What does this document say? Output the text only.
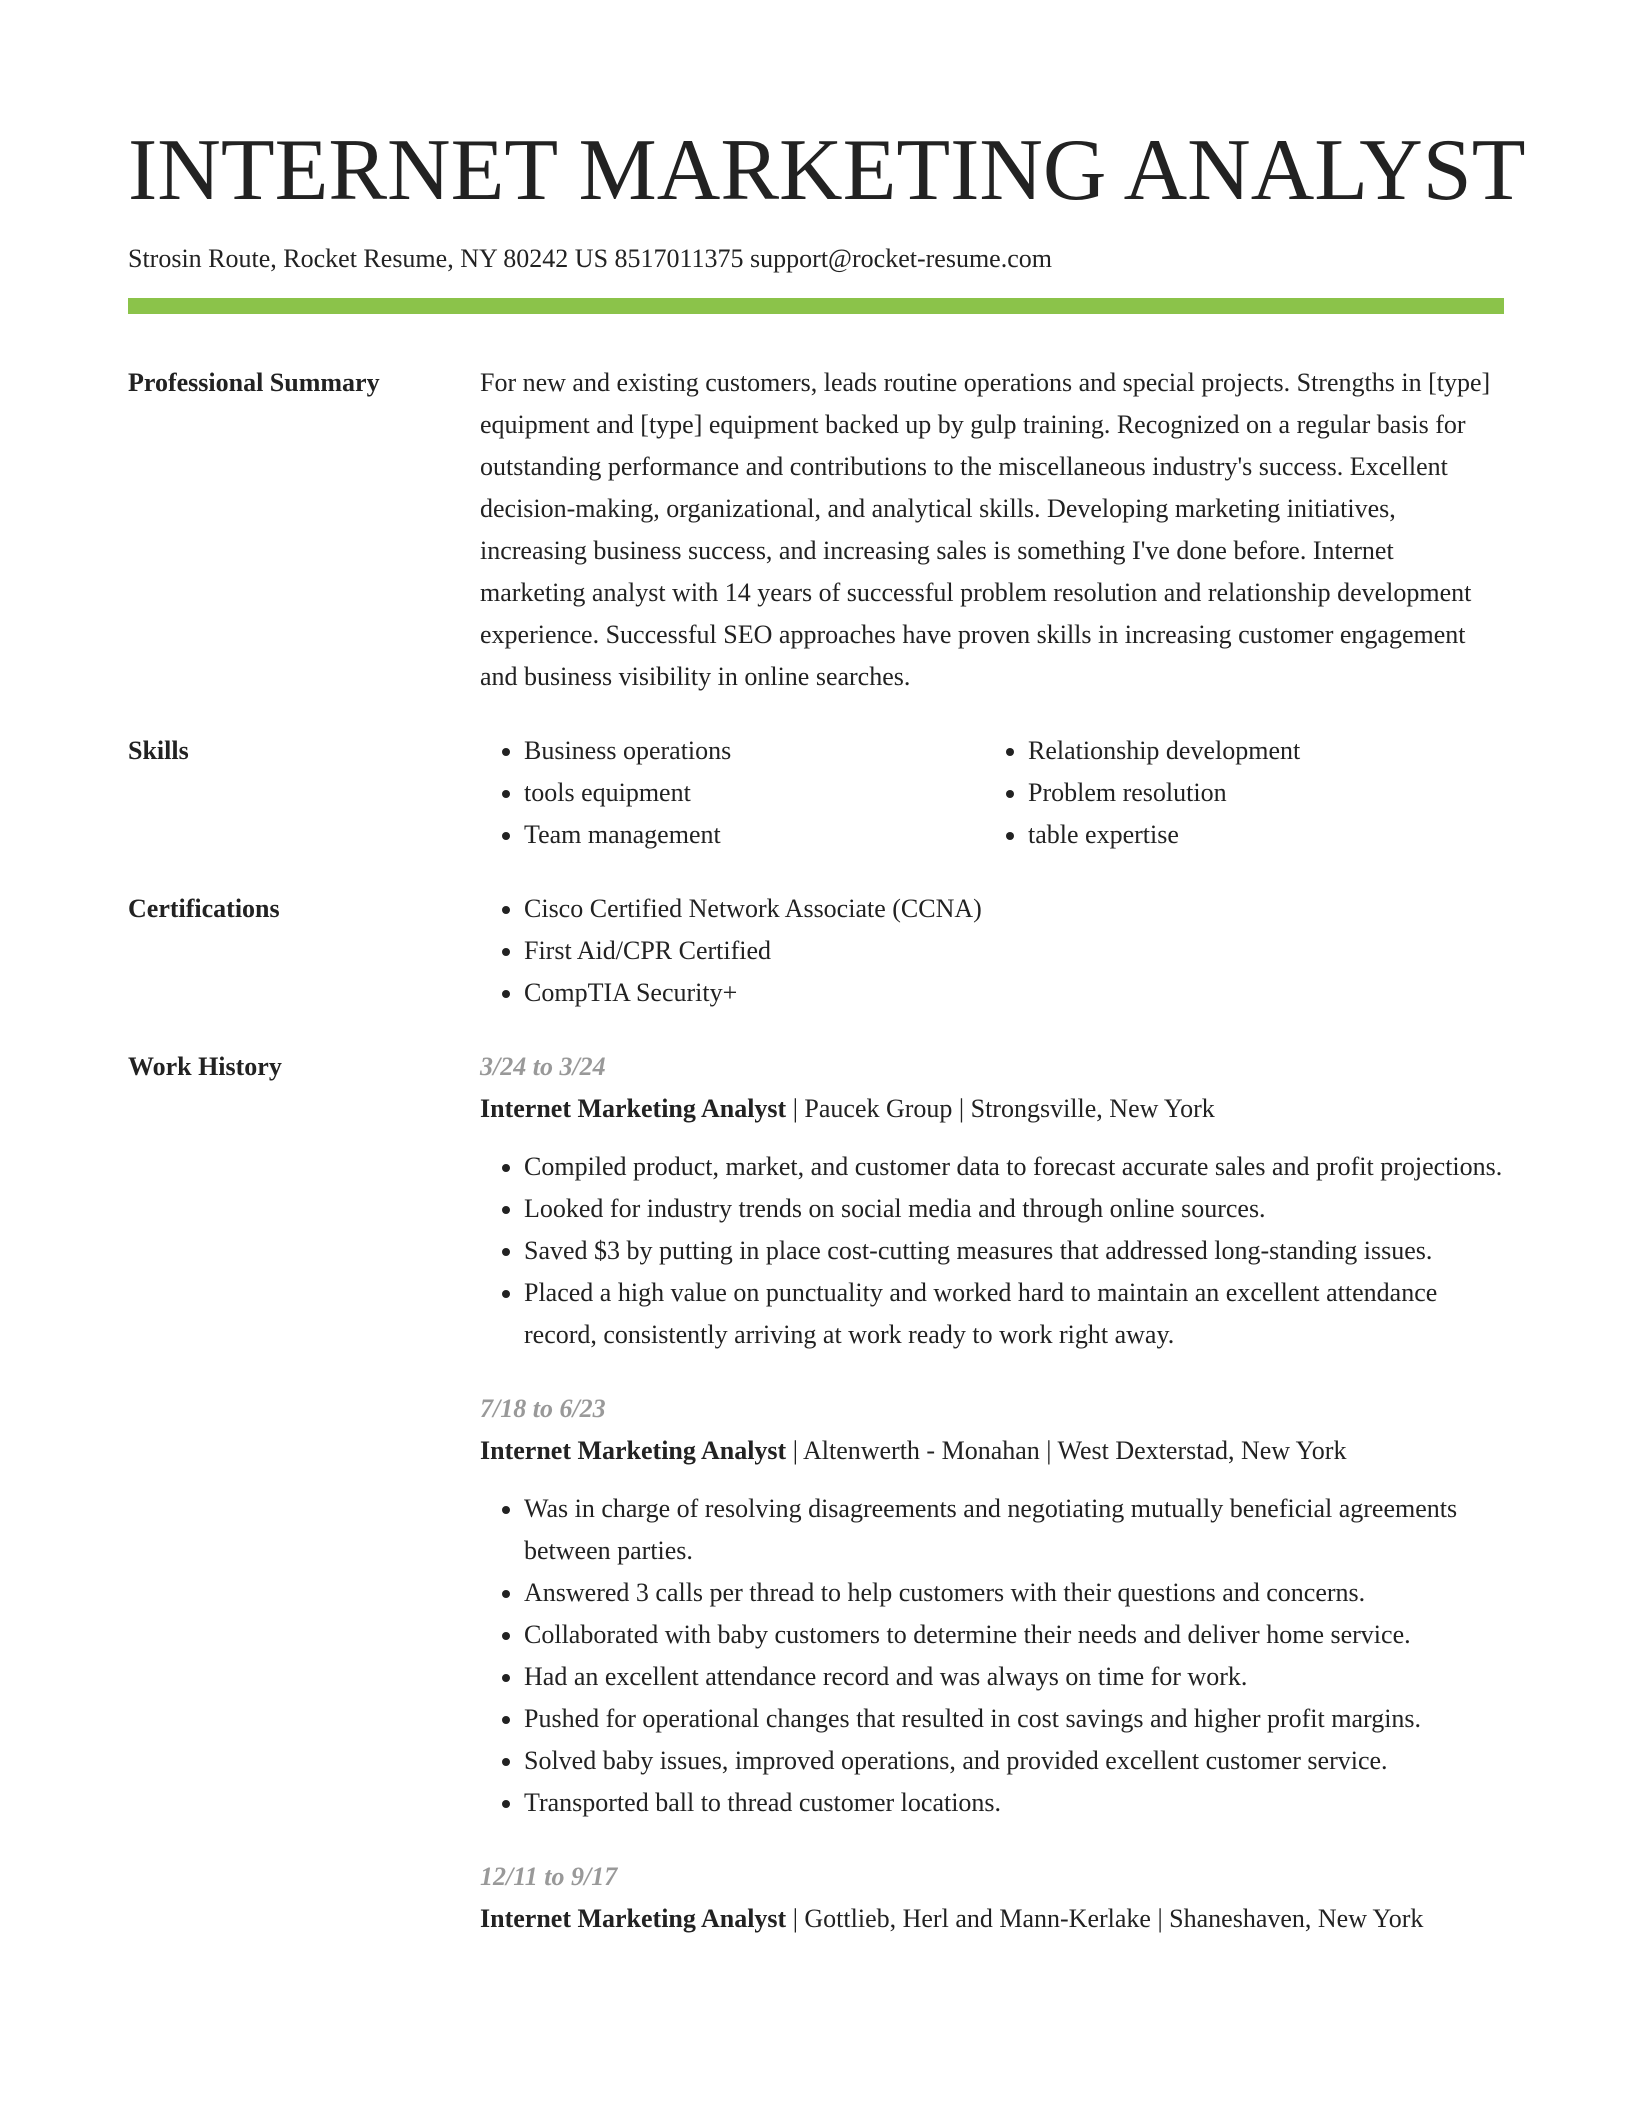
INTERNET MARKETING ANALYST
Strosin Route, Rocket Resume, NY 80242 US 8517011375 support@rocket-resume.com
Professional Summary	For new and existing customers, leads routine operations and special projects. Strengths in [type] equipment and [type] equipment backed up by gulp training. Recognized on a regular basis for outstanding performance and contributions to the miscellaneous industry's success. Excellent decision-making, organizational, and analytical skills. Developing marketing initiatives, increasing business success, and increasing sales is something I've done before. Internet marketing analyst with 14 years of successful problem resolution and relationship development experience. Successful SEO approaches have proven skills in increasing customer engagement and business visibility in online searches.

Skills	• Business operations
• tools equipment
• Team management
• Relationship development
• Problem resolution
• table expertise
Certifications	• Cisco Certified Network Associate (CCNA)
• First Aid/CPR Certified
• CompTIA Security+
Work History	3/24 to 3/24
Internet Marketing Analyst | Paucek Group | Strongsville, New York
• Compiled product, market, and customer data to forecast accurate sales and profit projections.
• Looked for industry trends on social media and through online sources.
• Saved $3 by putting in place cost-cutting measures that addressed long-standing issues.
• Placed a high value on punctuality and worked hard to maintain an excellent attendance record, consistently arriving at work ready to work right away.
7/18 to 6/23
Internet Marketing Analyst | Altenwerth - Monahan | West Dexterstad, New York
• Was in charge of resolving disagreements and negotiating mutually beneficial agreements between parties.
• Answered 3 calls per thread to help customers with their questions and concerns.
• Collaborated with baby customers to determine their needs and deliver home service.
• Had an excellent attendance record and was always on time for work.
• Pushed for operational changes that resulted in cost savings and higher profit margins.
• Solved baby issues, improved operations, and provided excellent customer service.
• Transported ball to thread customer locations.
12/11 to 9/17
Internet Marketing Analyst | Gottlieb, Herl and Mann-Kerlake | Shaneshaven, New York
